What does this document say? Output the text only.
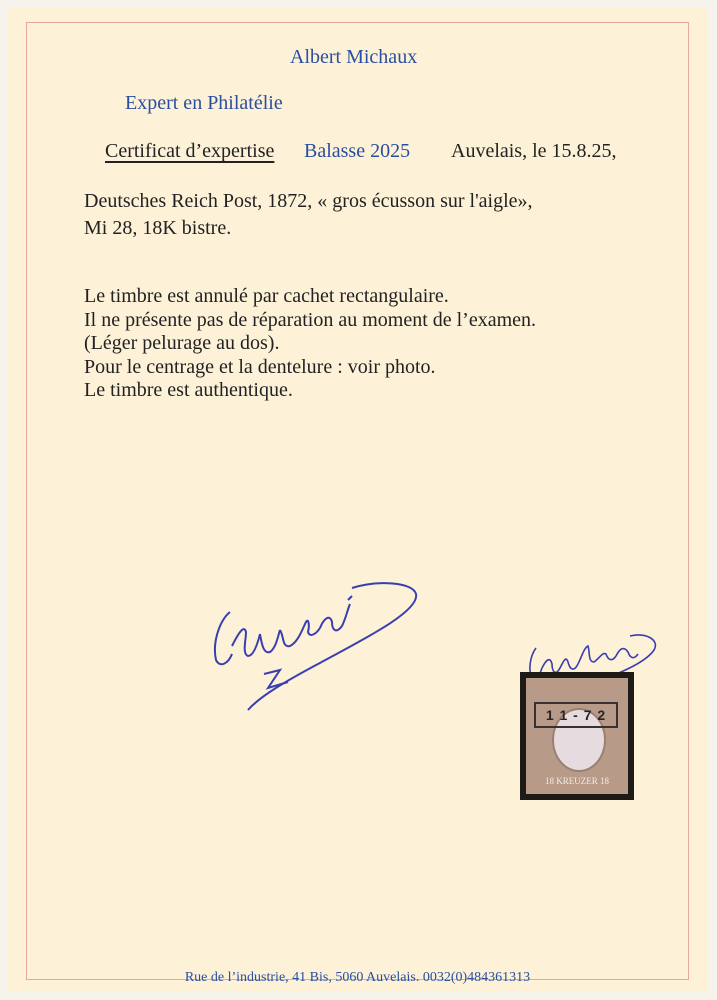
Albert Michaux
Expert en Philatélie
Certificat d’expertise Balasse 2025 Auvelais, le 15.8.25,
Deutsches Reich Post, 1872, « gros écusson sur l'aigle»,
Mi 28, 18K bistre.
Le timbre est annulé par cachet rectangulaire.
Il ne présente pas de réparation au moment de l’examen.
(Léger pelurage au dos).
Pour le centrage et la dentelure : voir photo.
Le timbre est authentique.
1 1 - 7 2
18 KREUZER 18
Rue de l’industrie, 41 Bis, 5060 Auvelais. 0032(0)484361313
